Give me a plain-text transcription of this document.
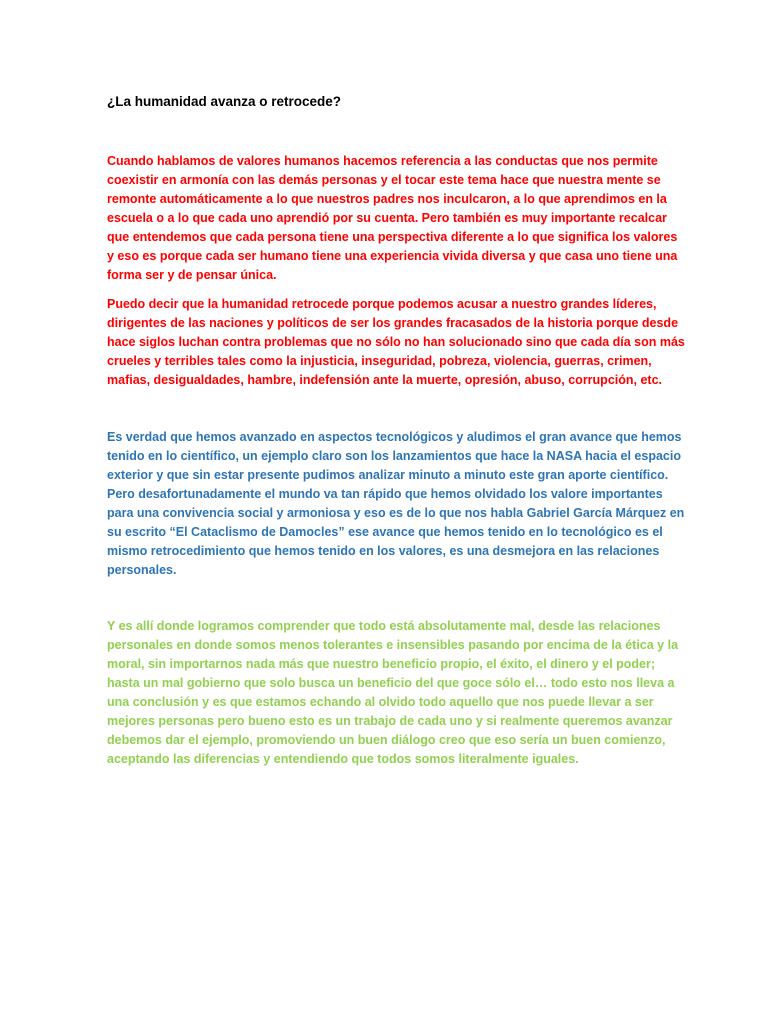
¿La humanidad avanza o retrocede?

Cuando hablamos de valores humanos hacemos referencia a las conductas que nos permite
coexistir en armonía con las demás personas y el tocar este tema hace que nuestra mente se
remonte automáticamente a lo que nuestros padres nos inculcaron, a lo que aprendimos en la
escuela o a lo que cada uno aprendió por su cuenta. Pero también es muy importante recalcar
que entendemos que cada persona tiene una perspectiva diferente a lo que significa los valores
y eso es porque cada ser humano tiene una experiencia vivida diversa y que casa uno tiene una
forma ser y de pensar única.

Puedo decir que la humanidad retrocede porque podemos acusar a nuestro grandes líderes,
dirigentes de las naciones y políticos de ser los grandes fracasados de la historia porque desde
hace siglos luchan contra problemas que no sólo no han solucionado sino que cada día son más
crueles y terribles tales como la injusticia, inseguridad, pobreza, violencia, guerras, crimen,
mafias, desigualdades, hambre, indefensión ante la muerte, opresión, abuso, corrupción, etc.

Es verdad que hemos avanzado en aspectos tecnológicos y aludimos el gran avance que hemos
tenido en lo científico, un ejemplo claro son los lanzamientos que hace la NASA hacia el espacio
exterior y que sin estar presente pudimos analizar minuto a minuto este gran aporte científico.
Pero desafortunadamente el mundo va tan rápido que hemos olvidado los valore importantes
para una convivencia social y armoniosa y eso es de lo que nos habla Gabriel García Márquez en
su escrito “El Cataclismo de Damocles” ese avance que hemos tenido en lo tecnológico es el
mismo retrocedimiento que hemos tenido en los valores, es una desmejora en las relaciones
personales.

Y es allí donde logramos comprender que todo está absolutamente mal, desde las relaciones
personales en donde somos menos tolerantes e insensibles pasando por encima de la ética y la
moral, sin importarnos nada más que nuestro beneficio propio, el éxito, el dinero y el poder;
hasta un mal gobierno que solo busca un beneficio del que goce sólo el… todo esto nos lleva a
una conclusión y es que estamos echando al olvido todo aquello que nos puede llevar a ser
mejores personas pero bueno esto es un trabajo de cada uno y si realmente queremos avanzar
debemos dar el ejemplo, promoviendo un buen diálogo creo que eso sería un buen comienzo,
aceptando las diferencias y entendiendo que todos somos literalmente iguales.
